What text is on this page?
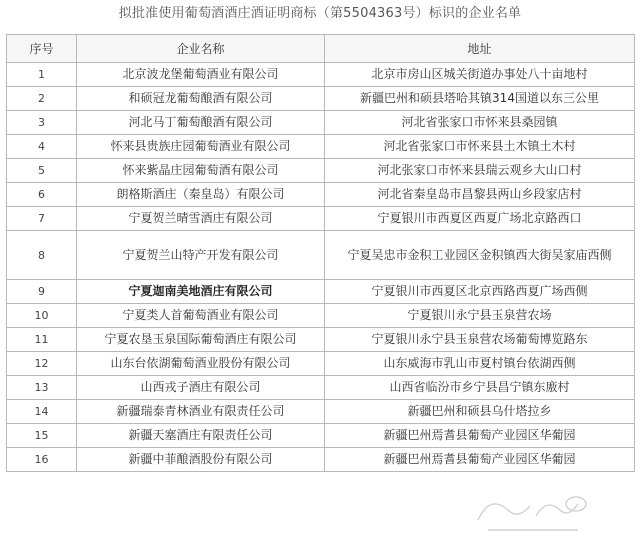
拟批准使用葡萄酒酒庄酒证明商标（第5504363号）标识的企业名单
序号	企业名称	地址
1	北京波龙堡葡萄酒业有限公司	北京市房山区城关街道办事处八十亩地村
2	和硕冠龙葡萄酿酒有限公司	新疆巴州和硕县塔哈其镇314国道以东三公里
3	河北马丁葡萄酿酒有限公司	河北省张家口市怀来县桑园镇
4	怀来县贵族庄园葡萄酒业有限公司	河北省张家口市怀来县土木镇土木村
5	怀来紫晶庄园葡萄酒有限公司	河北张家口市怀来县瑞云观乡大山口村
6	朗格斯酒庄（秦皇岛）有限公司	河北省秦皇岛市昌黎县两山乡段家店村
7	宁夏贺兰晴雪酒庄有限公司	宁夏银川市西夏区西夏广场北京路西口
8	宁夏贺兰山特产开发有限公司	宁夏吴忠市金积工业园区金积镇西大街吴家庙西侧
9	宁夏迦南美地酒庄有限公司	宁夏银川市西夏区北京西路西夏广场西侧
10	宁夏类人首葡萄酒业有限公司	宁夏银川永宁县玉泉营农场
11	宁夏农垦玉泉国际葡萄酒庄有限公司	宁夏银川永宁县玉泉营农场葡萄博览路东
12	山东台依湖葡萄酒业股份有限公司	山东威海市乳山市夏村镇台依湖西侧
13	山西戎子酒庄有限公司	山西省临汾市乡宁县昌宁镇东廒村
14	新疆瑞泰青林酒业有限责任公司	新疆巴州和硕县乌什塔拉乡
15	新疆天塞酒庄有限责任公司	新疆巴州焉耆县葡萄产业园区华葡园
16	新疆中菲酿酒股份有限公司	新疆巴州焉耆县葡萄产业园区华葡园
